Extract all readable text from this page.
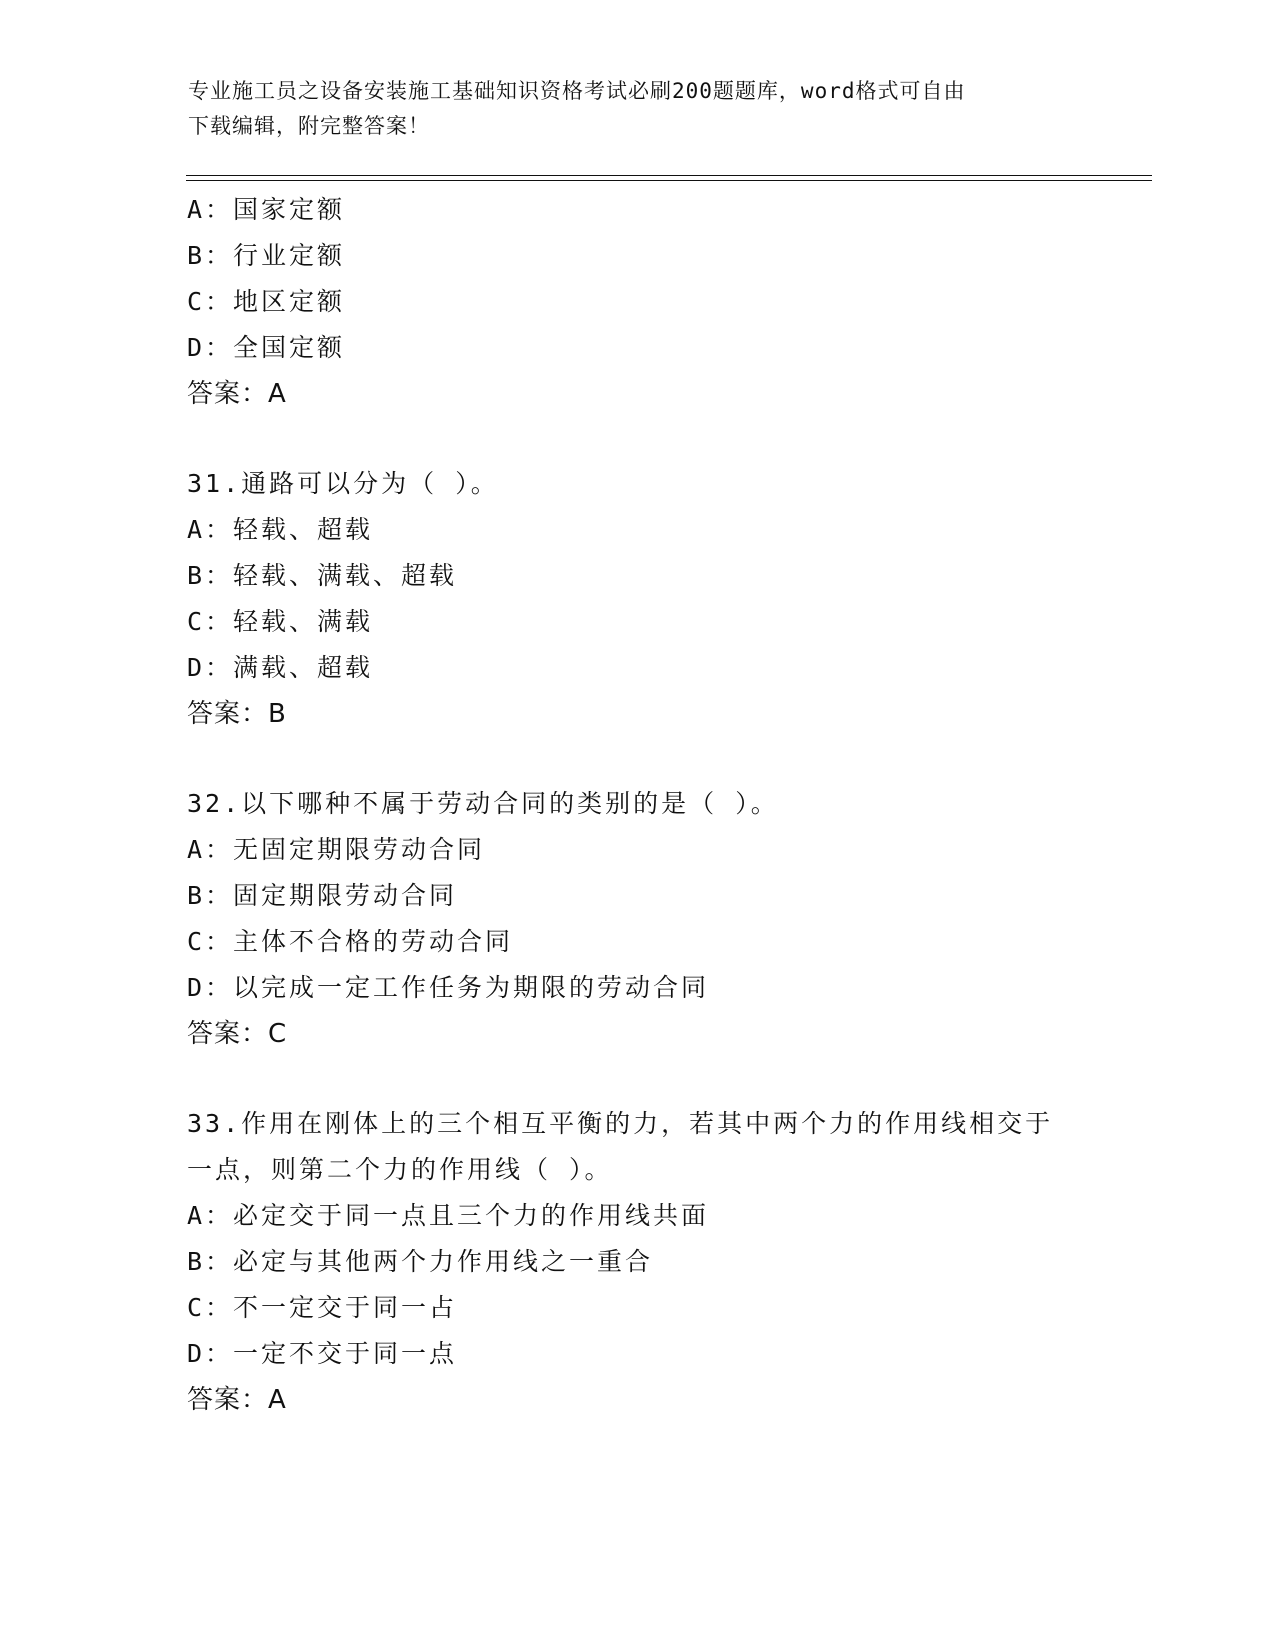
专业施工员之设备安装施工基础知识资格考试必刷200题题库，word格式可自由
下载编辑，附完整答案！
A：国家定额
B：行业定额
C：地区定额
D：全国定额
答案：A
31.通路可以分为（ ）。
A：轻载、超载
B：轻载、满载、超载
C：轻载、满载
D：满载、超载
答案：B
32.以下哪种不属于劳动合同的类别的是（ ）。
A：无固定期限劳动合同
B：固定期限劳动合同
C：主体不合格的劳动合同
D：以完成一定工作任务为期限的劳动合同
答案：C
33.作用在刚体上的三个相互平衡的力，若其中两个力的作用线相交于
一点，则第二个力的作用线（ ）。
A：必定交于同一点且三个力的作用线共面
B：必定与其他两个力作用线之一重合
C：不一定交于同一占
D：一定不交于同一点
答案：A
